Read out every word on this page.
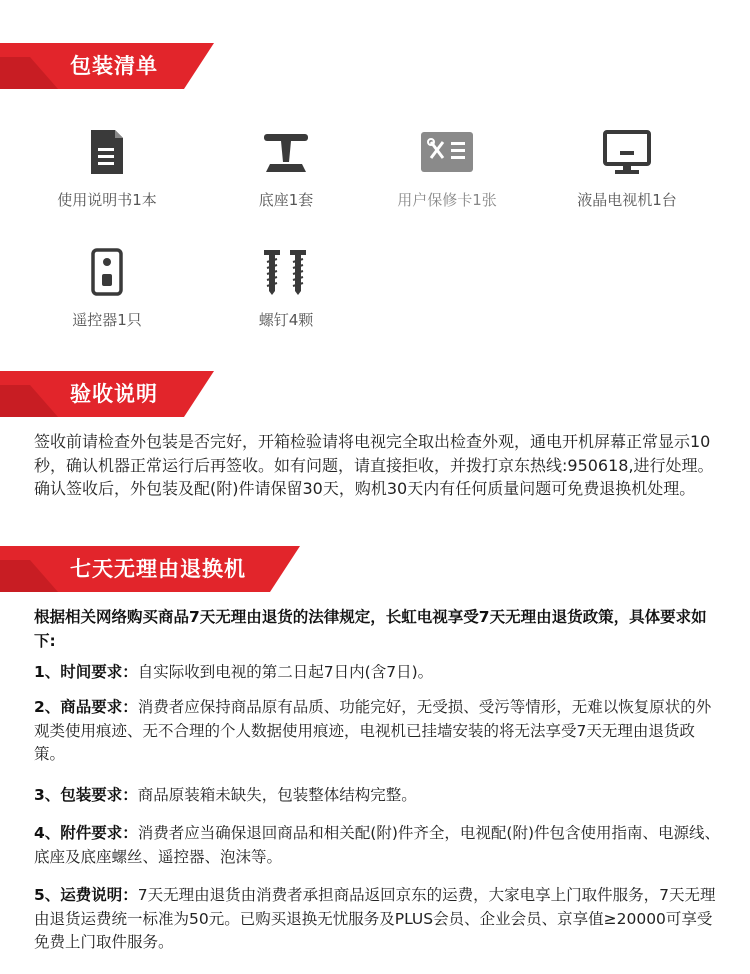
包装清单
使用说明书1本	底座1套	用户保修卡1张	液晶电视机1台
遥控器1只	螺钉4颗
验收说明

签收前请检查外包装是否完好，开箱检验请将电视完全取出检查外观，通电开机屏幕正常显示10秒，确认机器正常运行后再签收。如有问题，请直接拒收，并拨打京东热线:950618,进行处理。确认签收后，外包装及配(附)件请保留30天，购机30天内有任何质量问题可免费退换机处理。

七天无理由退换机

根据相关网络购买商品7天无理由退货的法律规定，长虹电视享受7天无理由退货政策，具体要求如下:

1、时间要求：自实际收到电视的第二日起7日内(含7日)。

2、商品要求：消费者应保持商品原有品质、功能完好，无受损、受污等情形，无难以恢复原状的外观类使用痕迹、无不合理的个人数据使用痕迹，电视机已挂墙安装的将无法享受7天无理由退货政策。

3、包装要求：商品原装箱未缺失，包装整体结构完整。

4、附件要求：消费者应当确保退回商品和相关配(附)件齐全，电视配(附)件包含使用指南、电源线、底座及底座螺丝、遥控器、泡沫等。

5、运费说明：7天无理由退货由消费者承担商品返回京东的运费，大家电享上门取件服务，7天无理由退货运费统一标准为50元。已购买退换无忧服务及PLUS会员、企业会员、京享值≥20000可享受免费上门取件服务。
